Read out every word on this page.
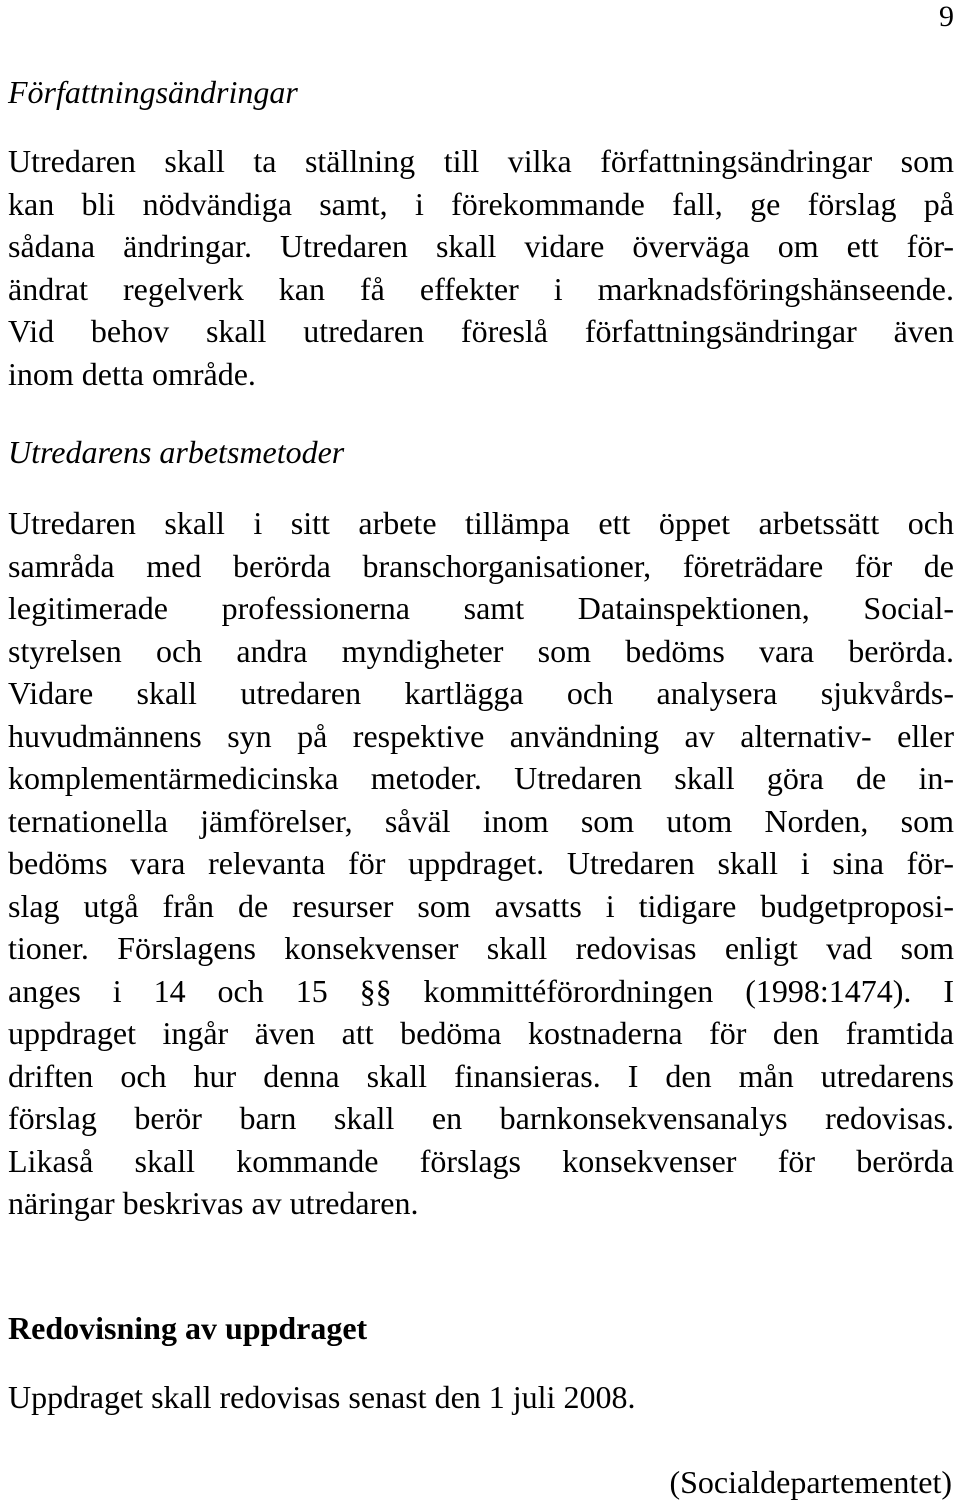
9
Författningsändringar
Utredaren skall ta ställning till vilka författningsändringar som
kan bli nödvändiga samt, i förekommande fall, ge förslag på
sådana ändringar. Utredaren skall vidare överväga om ett för-
ändrat regelverk kan få effekter i marknadsföringshänseende.
Vid behov skall utredaren föreslå författningsändringar även
inom detta område.
Utredarens arbetsmetoder
Utredaren skall i sitt arbete tillämpa ett öppet arbetssätt och
samråda med berörda branschorganisationer, företrädare för de
legitimerade professionerna samt Datainspektionen, Social-
styrelsen och andra myndigheter som bedöms vara berörda.
Vidare skall utredaren kartlägga och analysera sjukvårds-
huvudmännens syn på respektive användning av alternativ- eller
komplementärmedicinska metoder. Utredaren skall göra de in-
ternationella jämförelser, såväl inom som utom Norden, som
bedöms vara relevanta för uppdraget. Utredaren skall i sina för-
slag utgå från de resurser som avsatts i tidigare budgetproposi-
tioner. Förslagens konsekvenser skall redovisas enligt vad som
anges i 14 och 15 §§ kommittéförordningen (1998:1474). I
uppdraget ingår även att bedöma kostnaderna för den framtida
driften och hur denna skall finansieras. I den mån utredarens
förslag berör barn skall en barnkonsekvensanalys redovisas.
Likaså skall kommande förslags konsekvenser för berörda
näringar beskrivas av utredaren.
Redovisning av uppdraget
Uppdraget skall redovisas senast den 1 juli 2008.
(Socialdepartementet)
